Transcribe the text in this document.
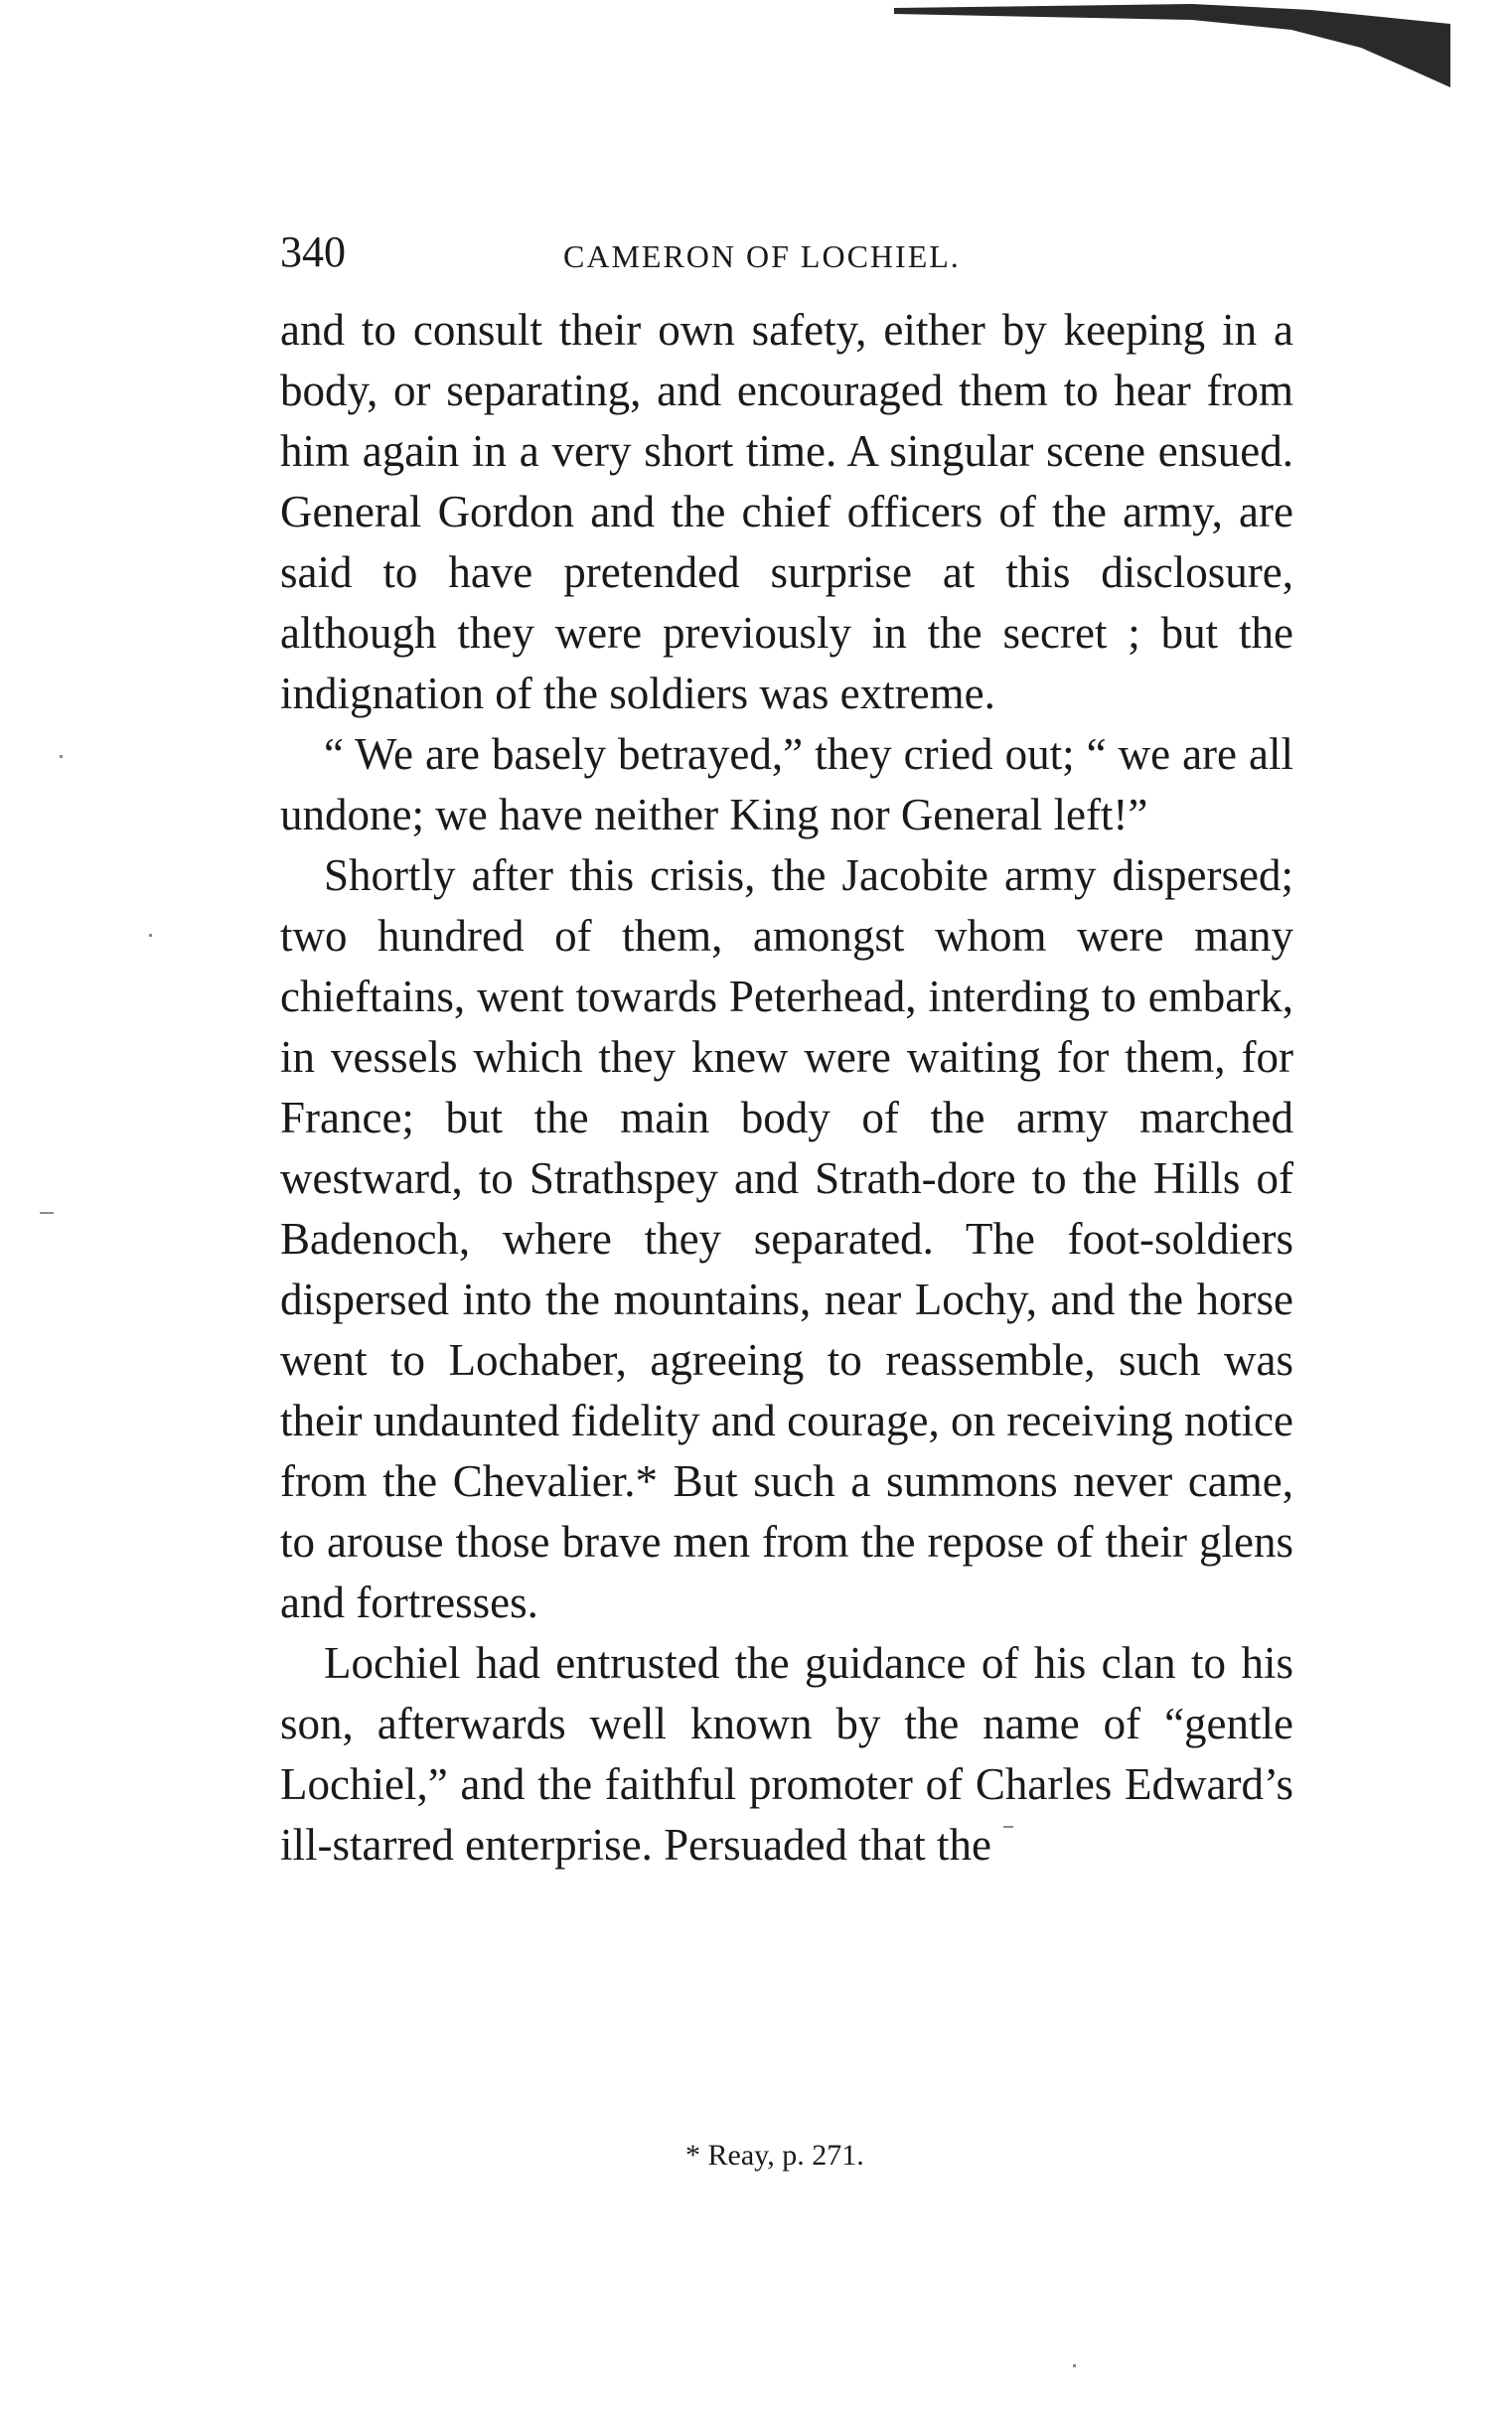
340	CAMERON OF LOCHIEL.

and to consult their own safety, either by keeping in a body, or separating, and encouraged them to hear from him again in a very short time. A singular scene ensued. General Gordon and the chief officers of the army, are said to have pretended surprise at this disclosure, although they were previously in the secret ; but the indignation of the soldiers was extreme.

“ We are basely betrayed,” they cried out; “ we are all undone; we have neither King nor General left!”

Shortly after this crisis, the Jacobite army dispersed; two hundred of them, amongst whom were many chieftains, went towards Peterhead, interding to embark, in vessels which they knew were waiting for them, for France; but the main body of the army marched westward, to Strathspey and Strath-dore to the Hills of Badenoch, where they separated. The foot-soldiers dispersed into the mountains, near Lochy, and the horse went to Lochaber, agreeing to reassemble, such was their undaunted fidelity and courage, on receiving notice from the Chevalier.* But such a summons never came, to arouse those brave men from the repose of their glens and fortresses.

Lochiel had entrusted the guidance of his clan to his son, afterwards well known by the name of “gentle Lochiel,” and the faithful promoter of Charles Edward’s ill-starred enterprise. Persuaded that the

* Reay, p. 271.
